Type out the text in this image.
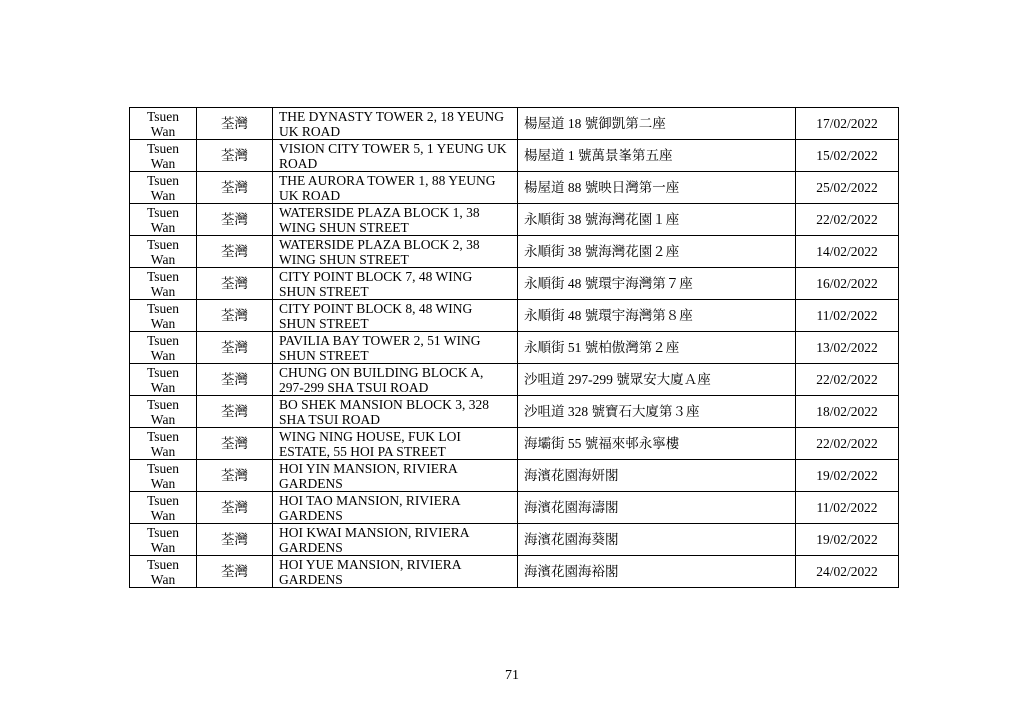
Tsuen Wan	荃灣	THE DYNASTY TOWER 2, 18 YEUNG UK ROAD	楊屋道 18 號御凱第二座	17/02/2022
Tsuen Wan	荃灣	VISION CITY TOWER 5, 1 YEUNG UK ROAD	楊屋道 1 號萬景峯第五座	15/02/2022
Tsuen Wan	荃灣	THE AURORA TOWER 1, 88 YEUNG UK ROAD	楊屋道 88 號映日灣第一座	25/02/2022
Tsuen Wan	荃灣	WATERSIDE PLAZA BLOCK 1, 38 WING SHUN STREET	永順街 38 號海灣花園１座	22/02/2022
Tsuen Wan	荃灣	WATERSIDE PLAZA BLOCK 2, 38 WING SHUN STREET	永順街 38 號海灣花園２座	14/02/2022
Tsuen Wan	荃灣	CITY POINT BLOCK 7, 48 WING SHUN STREET	永順街 48 號環宇海灣第７座	16/02/2022
Tsuen Wan	荃灣	CITY POINT BLOCK 8, 48 WING SHUN STREET	永順街 48 號環宇海灣第８座	11/02/2022
Tsuen Wan	荃灣	PAVILIA BAY TOWER 2, 51 WING SHUN STREET	永順街 51 號柏傲灣第２座	13/02/2022
Tsuen Wan	荃灣	CHUNG ON BUILDING BLOCK A, 297-299 SHA TSUI ROAD	沙咀道 297-299 號眾安大廈Ａ座	22/02/2022
Tsuen Wan	荃灣	BO SHEK MANSION BLOCK 3, 328 SHA TSUI ROAD	沙咀道 328 號寶石大廈第３座	18/02/2022
Tsuen Wan	荃灣	WING NING HOUSE, FUK LOI ESTATE, 55 HOI PA STREET	海壩街 55 號福來邨永寧樓	22/02/2022
Tsuen Wan	荃灣	HOI YIN MANSION, RIVIERA GARDENS	海濱花園海妍閣	19/02/2022
Tsuen Wan	荃灣	HOI TAO MANSION, RIVIERA GARDENS	海濱花園海濤閣	11/02/2022
Tsuen Wan	荃灣	HOI KWAI MANSION, RIVIERA GARDENS	海濱花園海葵閣	19/02/2022
Tsuen Wan	荃灣	HOI YUE MANSION, RIVIERA GARDENS	海濱花園海裕閣	24/02/2022
71
